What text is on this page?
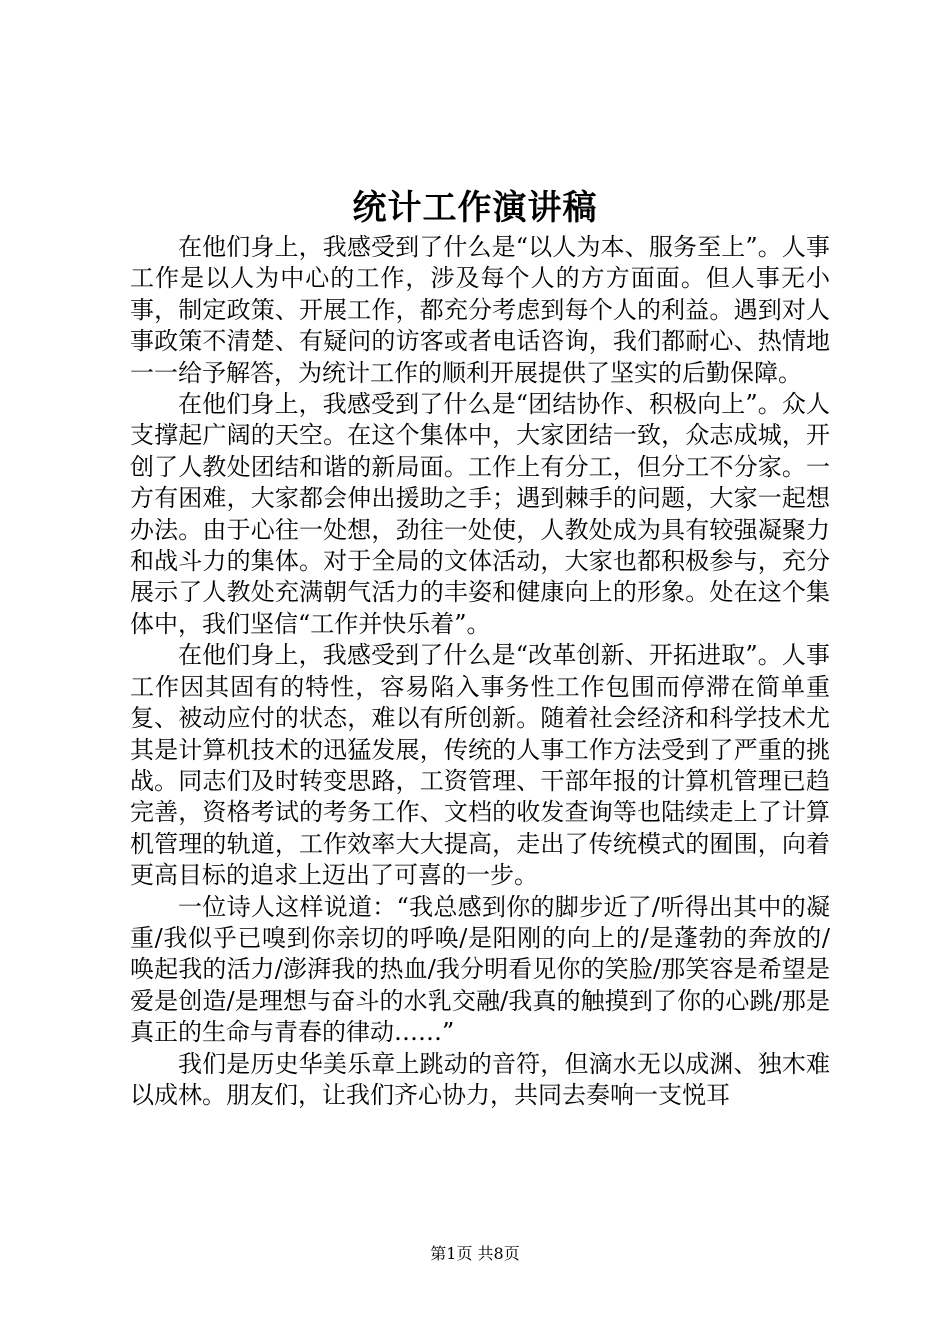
统计工作演讲稿

在他们身上，我感受到了什么是“以人为本、服务至上”。人事工作是以人为中心的工作，涉及每个人的方方面面。但人事无小事，制定政策、开展工作，都充分考虑到每个人的利益。遇到对人事政策不清楚、有疑问的访客或者电话咨询，我们都耐心、热情地一一给予解答，为统计工作的顺利开展提供了坚实的后勤保障。

在他们身上，我感受到了什么是“团结协作、积极向上”。众人支撑起广阔的天空。在这个集体中，大家团结一致，众志成城，开创了人教处团结和谐的新局面。工作上有分工，但分工不分家。一方有困难，大家都会伸出援助之手；遇到棘手的问题，大家一起想办法。由于心往一处想，劲往一处使，人教处成为具有较强凝聚力和战斗力的集体。对于全局的文体活动，大家也都积极参与，充分展示了人教处充满朝气活力的丰姿和健康向上的形象。处在这个集体中，我们坚信“工作并快乐着”。

在他们身上，我感受到了什么是“改革创新、开拓进取”。人事工作因其固有的特性，容易陷入事务性工作包围而停滞在简单重复、被动应付的状态，难以有所创新。随着社会经济和科学技术尤其是计算机技术的迅猛发展，传统的人事工作方法受到了严重的挑战。同志们及时转变思路，工资管理、干部年报的计算机管理已趋完善，资格考试的考务工作、文档的收发查询等也陆续走上了计算机管理的轨道，工作效率大大提高，走出了传统模式的囿围，向着更高目标的追求上迈出了可喜的一步。

一位诗人这样说道：“我总感到你的脚步近了/听得出其中的凝重/我似乎已嗅到你亲切的呼唤/是阳刚的向上的/是蓬勃的奔放的/唤起我的活力/澎湃我的热血/我分明看见你的笑脸/那笑容是希望是爱是创造/是理想与奋斗的水乳交融/我真的触摸到了你的心跳/那是真正的生命与青春的律动……”

我们是历史华美乐章上跳动的音符，但滴水无以成渊、独木难以成林。朋友们，让我们齐心协力，共同去奏响一支悦耳

第1页 共8页
